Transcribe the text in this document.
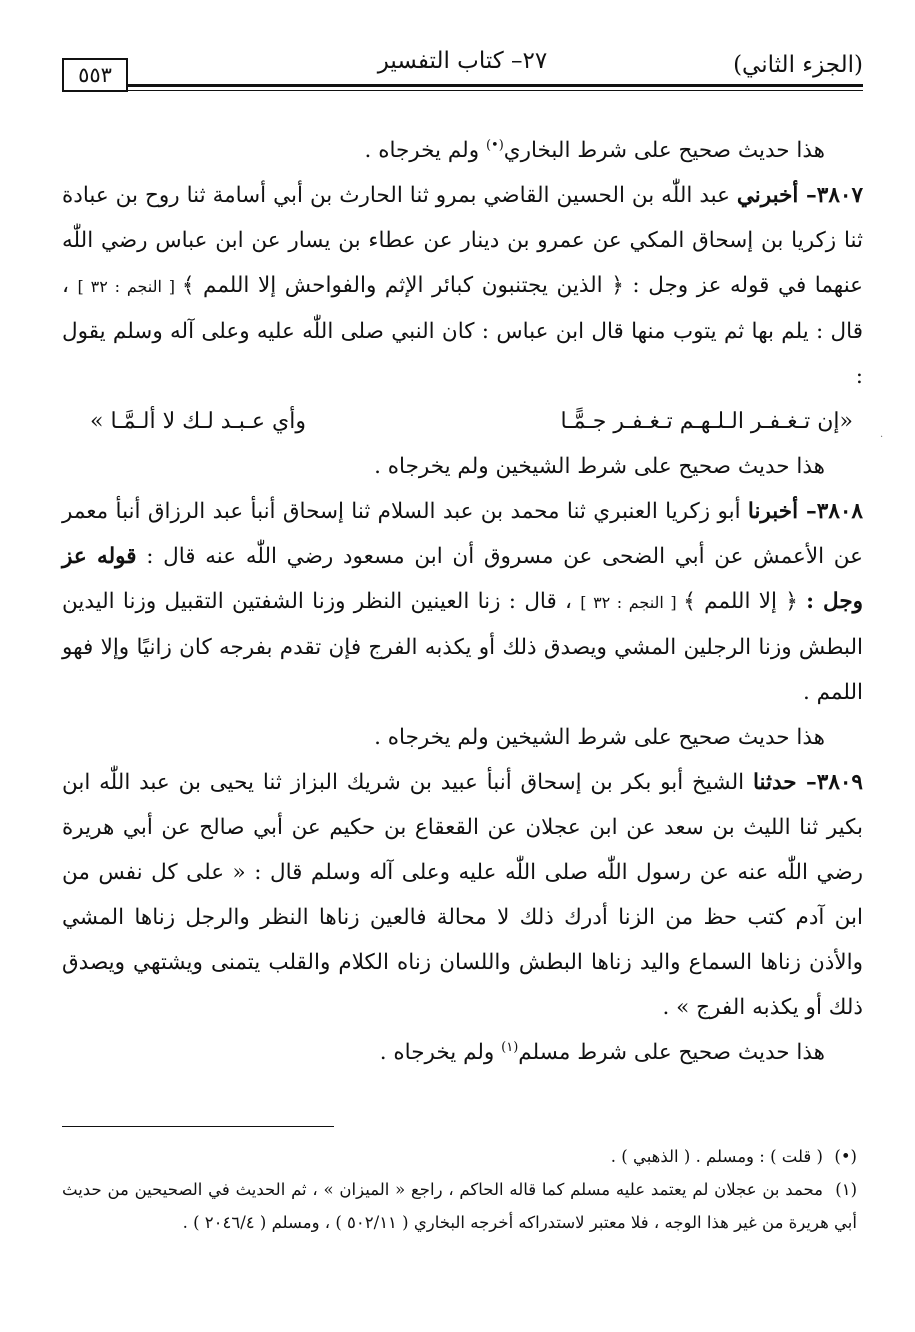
(الجزء الثاني)
٢٧– كتاب التفسير
٥٥٣

هذا حديث صحيح على شرط البخاري(•) ولم يخرجاه .

٣٨٠٧– أخبرني عبد اللّٰه بن الحسين القاضي بمرو ثنا الحارث بن أبي أسامة ثنا روح بن عبادة ثنا زكريا بن إسحاق المكي عن عمرو بن دينار عن عطاء بن يسار عن ابن عباس رضي اللّٰه عنهما في قوله عز وجل : ﴿ الذين يجتنبون كبائر الإثم والفواحش إلا اللمم ﴾ [ النجم : ٣٢ ] ، قال : يلم بها ثم يتوب منها قال ابن عباس : كان النبي صلى اللّٰه عليه وعلى آله وسلم يقول :

«إن تـغـفـر الـلـهـم تـغـفـر جـمًّـا
وأي عـبـد لـك لا ألـمَّـا »

هذا حديث صحيح على شرط الشيخين ولم يخرجاه .

٣٨٠٨– أخبرنا أبو زكريا العنبري ثنا محمد بن عبد السلام ثنا إسحاق أنبأ عبد الرزاق أنبأ معمر عن الأعمش عن أبي الضحى عن مسروق أن ابن مسعود رضي اللّٰه عنه قال : قوله عز وجل : ﴿ إلا اللمم ﴾ [ النجم : ٣٢ ] ، قال : زنا العينين النظر وزنا الشفتين التقبيل وزنا اليدين البطش وزنا الرجلين المشي ويصدق ذلك أو يكذبه الفرج فإن تقدم بفرجه كان زانيًا وإلا فهو اللمم .

هذا حديث صحيح على شرط الشيخين ولم يخرجاه .

٣٨٠٩– حدثنا الشيخ أبو بكر بن إسحاق أنبأ عبيد بن شريك البزاز ثنا يحيى بن عبد اللّٰه ابن بكير ثنا الليث بن سعد عن ابن عجلان عن القعقاع بن حكيم عن أبي صالح عن أبي هريرة رضي اللّٰه عنه عن رسول اللّٰه صلى اللّٰه عليه وعلى آله وسلم قال : « على كل نفس من ابن آدم كتب حظ من الزنا أدرك ذلك لا محالة فالعين زناها النظر والرجل زناها المشي والأذن زناها السماع واليد زناها البطش واللسان زناه الكلام والقلب يتمنى ويشتهي ويصدق ذلك أو يكذبه الفرج » .

هذا حديث صحيح على شرط مسلم$^{(١)}$ ولم يخرجاه .

·

(•)( قلت ) : ومسلم . ( الذهبي ) .

(١)محمد بن عجلان لم يعتمد عليه مسلم كما قاله الحاكم ، راجع « الميزان » ، ثم الحديث في الصحيحين من حديث أبي هريرة من غير هذا الوجه ، فلا معتبر لاستدراكه أخرجه البخاري ( ٥٠٢/١١ ) ، ومسلم ( ٢٠٤٦/٤ ) .
